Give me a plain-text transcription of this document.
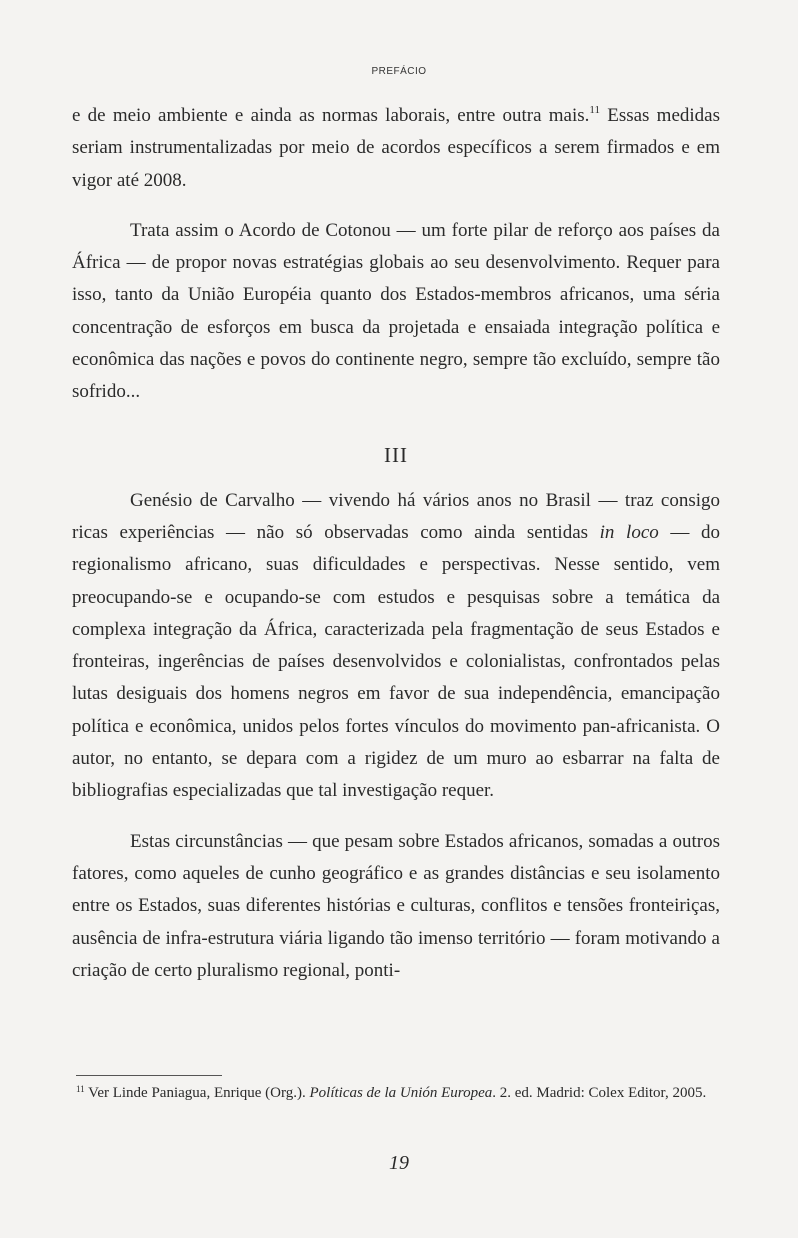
PREFÁCIO

e de meio ambiente e ainda as normas laborais, entre outra mais.$^{11}$ Essas medidas seriam instrumentalizadas por meio de acordos específicos a serem firmados e em vigor até 2008.

Trata assim o Acordo de Cotonou — um forte pilar de reforço aos países da África — de propor novas estratégias globais ao seu desenvolvimento. Requer para isso, tanto da União Européia quanto dos Estados-membros africanos, uma séria concentração de esforços em busca da projetada e ensaiada integração política e econômica das nações e povos do continente negro, sempre tão excluído, sempre tão sofrido...

III

Genésio de Carvalho — vivendo há vários anos no Brasil — traz consigo ricas experiências — não só observadas como ainda sentidas in loco — do regionalismo africano, suas dificuldades e perspectivas. Nesse sentido, vem preocupando-se e ocupando-se com estudos e pesquisas sobre a temática da complexa integração da África, caracterizada pela fragmentação de seus Estados e fronteiras, ingerências de países desenvolvidos e colonialistas, confrontados pelas lutas desiguais dos homens negros em favor de sua independência, emancipação política e econômica, unidos pelos fortes vínculos do movimento pan-africanista. O autor, no entanto, se depara com a rigidez de um muro ao esbarrar na falta de bibliografias especializadas que tal investigação requer.

Estas circunstâncias — que pesam sobre Estados africanos, somadas a outros fatores, como aqueles de cunho geográfico e as grandes distâncias e seu isolamento entre os Estados, suas diferentes histórias e culturas, conflitos e tensões fronteiriças, ausência de infra-estrutura viária ligando tão imenso território — foram motivando a criação de certo pluralismo regional, ponti-

$^{11}$ Ver Linde Paniagua, Enrique (Org.). Políticas de la Unión Europea. 2. ed. Madrid: Colex Editor, 2005.
19
